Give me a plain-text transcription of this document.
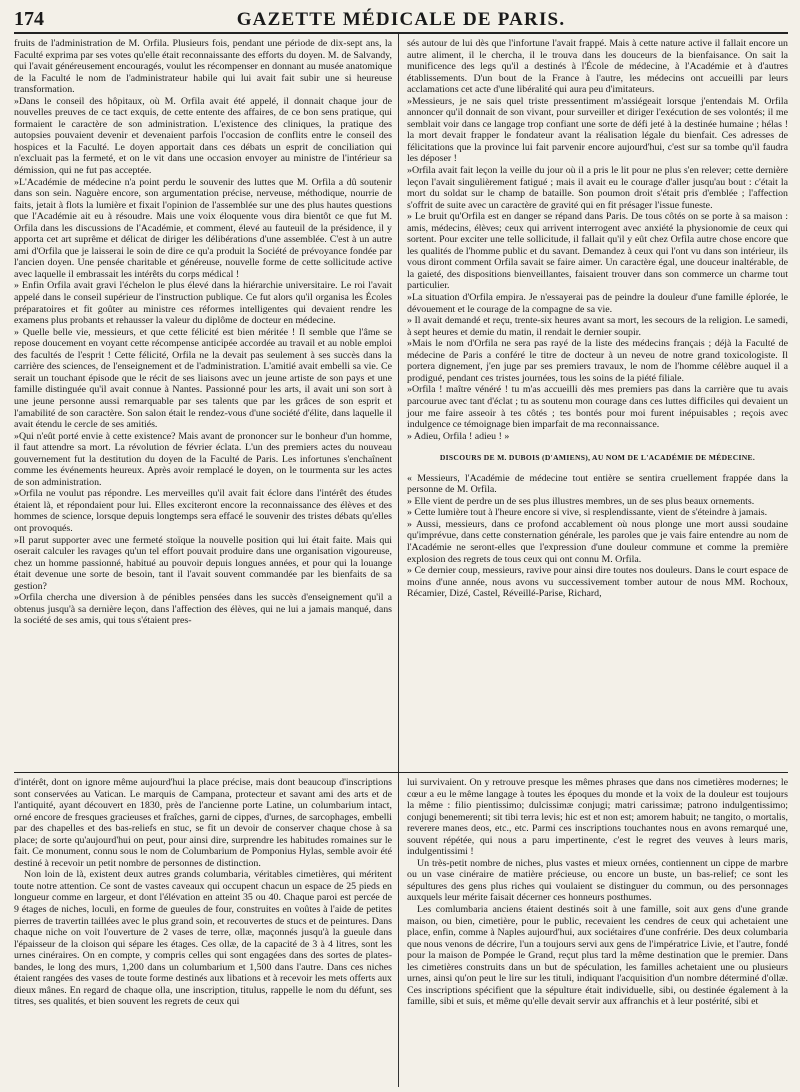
174	GAZETTE MÉDICALE DE PARIS.

fruits de l'administration de M. Orfila. Plusieurs fois, pendant une période de dix-sept ans, la Faculté exprima par ses votes qu'elle était reconnaissante des efforts du doyen. M. de Salvandy, qui l'avait généreusement encouragés, voulut les récompenser en donnant au musée anatomique de la Faculté le nom de l'administrateur habile qui lui avait fait subir une si heureuse transformation.

»Dans le conseil des hôpitaux, où M. Orfila avait été appelé, il donnait chaque jour de nouvelles preuves de ce tact exquis, de cette entente des affaires, de ce bon sens pratique, qui formaient le caractère de son administration. L'existence des cliniques, la pratique des autopsies pouvaient devenir et devenaient parfois l'occasion de conflits entre le conseil des hospices et la Faculté. Le doyen apportait dans ces débats un esprit de conciliation qui n'excluait pas la fermeté, et on le vit dans une occasion envoyer au ministre de l'intérieur sa démission, qui ne fut pas acceptée.

»L'Académie de médecine n'a point perdu le souvenir des luttes que M. Orfila a dû soutenir dans son sein. Naguère encore, son argumentation précise, nerveuse, méthodique, nourrie de faits, jetait à flots la lumière et fixait l'opinion de l'assemblée sur une des plus hautes questions que l'Académie ait eu à résoudre. Mais une voix éloquente vous dira bientôt ce que fut M. Orfila dans les discussions de l'Académie, et comment, élevé au fauteuil de la présidence, il y apporta cet art suprême et délicat de diriger les délibérations d'une assemblée. C'est à un autre ami d'Orfila que je laisserai le soin de dire ce qu'a produit la Société de prévoyance fondée par l'ancien doyen. Une pensée charitable et généreuse, nouvelle forme de cette sollicitude active avec laquelle il embrassait les intérêts du corps médical !

» Enfin Orfila avait gravi l'échelon le plus élevé dans la hiérarchie universitaire. Le roi l'avait appelé dans le conseil supérieur de l'instruction publique. Ce fut alors qu'il organisa les Écoles préparatoires et fit goûter au ministre ces réformes intelligentes qui devaient rendre les examens plus probants et rehausser la valeur du diplôme de docteur en médecine.

» Quelle belle vie, messieurs, et que cette félicité est bien méritée ! Il semble que l'âme se repose doucement en voyant cette récompense anticipée accordée au travail et au noble emploi des facultés de l'esprit ! Cette félicité, Orfila ne la devait pas seulement à ses succès dans la carrière des sciences, de l'enseignement et de l'administration. L'amitié avait embelli sa vie. Ce serait un touchant épisode que le récit de ses liaisons avec un jeune artiste de son pays et une famille distinguée qu'il avait connue à Nantes. Passionné pour les arts, il avait uni son sort à une jeune personne aussi remarquable par ses talents que par les grâces de son esprit et l'amabilité de son caractère. Son salon était le rendez-vous d'une société d'élite, dans laquelle il avait étendu le cercle de ses amitiés.

»Qui n'eût porté envie à cette existence? Mais avant de prononcer sur le bonheur d'un homme, il faut attendre sa mort. La révolution de février éclata. L'un des premiers actes du nouveau gouvernement fut la destitution du doyen de la Faculté de Paris. Les infortunes s'enchaînent comme les événements heureux. Après avoir remplacé le doyen, on le tourmenta sur les actes de son administration.

»Orfila ne voulut pas répondre. Les merveilles qu'il avait fait éclore dans l'intérêt des études étaient là, et répondaient pour lui. Elles exciteront encore la reconnaissance des élèves et des hommes de science, lorsque depuis longtemps sera effacé le souvenir des tristes débats qu'elles ont provoqués.

»Il parut supporter avec une fermeté stoïque la nouvelle position qui lui était faite. Mais qui oserait calculer les ravages qu'un tel effort pouvait produire dans une organisation vigoureuse, chez un homme passionné, habitué au pouvoir depuis longues années, et pour qui la louange était devenue une sorte de besoin, tant il l'avait souvent commandée par les bienfaits de sa gestion?

»Orfila chercha une diversion à de pénibles pensées dans les succès d'enseignement qu'il a obtenus jusqu'à sa dernière leçon, dans l'affection des élèves, qui ne lui a jamais manqué, dans la société de ses amis, qui tous s'étaient pres-

sés autour de lui dès que l'infortune l'avait frappé. Mais à cette nature active il fallait encore un autre aliment, il le chercha, il le trouva dans les douceurs de la bienfaisance. On sait la munificence des legs qu'il a destinés à l'École de médecine, à l'Académie et à d'autres établissements. D'un bout de la France à l'autre, les médecins ont accueilli par leurs acclamations cet acte d'une libéralité qui aura peu d'imitateurs.

»Messieurs, je ne sais quel triste pressentiment m'assiégeait lorsque j'entendais M. Orfila annoncer qu'il donnait de son vivant, pour surveiller et diriger l'exécution de ses volontés; il me semblait voir dans ce langage trop confiant une sorte de défi jeté à la destinée humaine ; hélas ! la mort devait frapper le fondateur avant la réalisation légale du bienfait. Ces adresses de félicitations que la province lui fait parvenir encore aujourd'hui, c'est sur sa tombe qu'il faudra les déposer !

»Orfila avait fait leçon la veille du jour où il a pris le lit pour ne plus s'en relever; cette dernière leçon l'avait singulièrement fatigué ; mais il avait eu le courage d'aller jusqu'au bout : c'était la mort du soldat sur le champ de bataille. Son poumon droit s'était pris d'emblée ; l'affection s'offrit de suite avec un caractère de gravité qui en fit présager l'issue funeste.

» Le bruit qu'Orfila est en danger se répand dans Paris. De tous côtés on se porte à sa maison : amis, médecins, élèves; ceux qui arrivent interrogent avec anxiété la physionomie de ceux qui sortent. Pour exciter une telle sollicitude, il fallait qu'il y eût chez Orfila autre chose encore que les qualités de l'homme public et du savant. Demandez à ceux qui l'ont vu dans son intérieur, ils vous diront comment Orfila savait se faire aimer. Un caractère égal, une douceur inaltérable, de la gaieté, des dispositions bienveillantes, faisaient trouver dans son commerce un charme tout particulier.

»La situation d'Orfila empira. Je n'essayerai pas de peindre la douleur d'une famille éplorée, le dévouement et le courage de la compagne de sa vie.

» Il avait demandé et reçu, trente-six heures avant sa mort, les secours de la religion. Le samedi, à sept heures et demie du matin, il rendait le dernier soupir.

»Mais le nom d'Orfila ne sera pas rayé de la liste des médecins français ; déjà la Faculté de médecine de Paris a conféré le titre de docteur à un neveu de notre grand toxicologiste. Il portera dignement, j'en juge par ses premiers travaux, le nom de l'homme célèbre auquel il a prodigué, pendant ces tristes journées, tous les soins de la piété filiale.

»Orfila ! maître vénéré ! tu m'as accueilli dès mes premiers pas dans la carrière que tu avais parcourue avec tant d'éclat ; tu as soutenu mon courage dans ces luttes difficiles qui devaient un jour me faire asseoir à tes côtés ; tes bontés pour moi furent inépuisables ; reçois avec indulgence ce témoignage bien imparfait de ma reconnaissance.

» Adieu, Orfila ! adieu ! »

DISCOURS DE M. DUBOIS (D'AMIENS), AU NOM DE L'ACADÉMIE DE MÉDECINE.

« Messieurs, l'Académie de médecine tout entière se sentira cruellement frappée dans la personne de M. Orfila.

» Elle vient de perdre un de ses plus illustres membres, un de ses plus beaux ornements.

» Cette lumière tout à l'heure encore si vive, si resplendissante, vient de s'éteindre à jamais.

» Aussi, messieurs, dans ce profond accablement où nous plonge une mort aussi soudaine qu'imprévue, dans cette consternation générale, les paroles que je vais faire entendre au nom de l'Académie ne seront-elles que l'expression d'une douleur commune et comme la première explosion des regrets de tous ceux qui ont connu M. Orfila.

» Ce dernier coup, messieurs, ravive pour ainsi dire toutes nos douleurs. Dans le court espace de moins d'une année, nous avons vu successivement tomber autour de nous MM. Rochoux, Récamier, Dizé, Castel, Réveillé-Parise, Richard,

d'intérêt, dont on ignore même aujourd'hui la place précise, mais dont beaucoup d'inscriptions sont conservées au Vatican. Le marquis de Campana, protecteur et savant ami des arts et de l'antiquité, ayant découvert en 1830, près de l'ancienne porte Latine, un columbarium intact, orné encore de fresques gracieuses et fraîches, garni de cippes, d'urnes, de sarcophages, embelli par des chapelles et des bas-reliefs en stuc, se fit un devoir de conserver chaque chose à sa place; de sorte qu'aujourd'hui on peut, pour ainsi dire, surprendre les habitudes romaines sur le fait. Ce monument, connu sous le nom de Columbarium de Pomponius Hylas, semble avoir été destiné à recevoir un petit nombre de personnes de distinction.

Non loin de là, existent deux autres grands columbaria, véritables cimetières, qui méritent toute notre attention. Ce sont de vastes caveaux qui occupent chacun un espace de 25 pieds en longueur comme en largeur, et dont l'élévation en atteint 35 ou 40. Chaque paroi est percée de 9 étages de niches, loculi, en forme de gueules de four, construites en voûtes à l'aide de petites pierres de travertin taillées avec le plus grand soin, et recouvertes de stucs et de peintures. Dans chaque niche on voit l'ouverture de 2 vases de terre, ollæ, maçonnés jusqu'à la gueule dans l'épaisseur de la cloison qui sépare les étages. Ces ollæ, de la capacité de 3 à 4 litres, sont les urnes cinéraires. On en compte, y compris celles qui sont engagées dans des sortes de plates-bandes, le long des murs, 1,200 dans un columbarium et 1,500 dans l'autre. Dans ces niches étaient rangées des vases de toute forme destinés aux libations et à recevoir les mets offerts aux dieux mânes. En regard de chaque olla, une inscription, titulus, rappelle le nom du défunt, ses titres, ses qualités, et bien souvent les regrets de ceux qui

lui survivaient. On y retrouve presque les mêmes phrases que dans nos cimetières modernes; le cœur a eu le même langage à toutes les époques du monde et la voix de la douleur est toujours la même : filio pientissimo; dulcissimæ conjugi; matri carissimæ; patrono indulgentissimo; conjugi benemerenti; sit tibi terra levis; hic est et non est; amorem habuit; ne tangito, o mortalis, reverere manes deos, etc., etc. Parmi ces inscriptions touchantes nous en avons remarqué une, souvent répétée, qui nous a paru impertinente, c'est le regret des veuves à leurs maris, indulgentissimi !

Un très-petit nombre de niches, plus vastes et mieux ornées, contiennent un cippe de marbre ou un vase cinéraire de matière précieuse, ou encore un buste, un bas-relief; ce sont les sépultures des gens plus riches qui voulaient se distinguer du commun, ou des personnages auxquels leur mérite faisait décerner ces honneurs posthumes.

Les comlumbaria anciens étaient destinés soit à une famille, soit aux gens d'une grande maison, ou bien, cimetière, pour le public, recevaient les cendres de ceux qui achetaient une place, enfin, comme à Naples aujourd'hui, aux sociétaires d'une confrérie. Des deux columbaria que nous venons de décrire, l'un a toujours servi aux gens de l'impératrice Livie, et l'autre, fondé pour la maison de Pompée le Grand, reçut plus tard la même destination que le premier. Dans les cimetières construits dans un but de spéculation, les familles achetaient une ou plusieurs urnes, ainsi qu'on peut le lire sur les tituli, indiquant l'acquisition d'un nombre déterminé d'ollæ. Ces inscriptions spécifient que la sépulture était individuelle, sibi, ou destinée également à la famille, sibi et suis, et même qu'elle devait servir aux affranchis et à leur postérité, sibi et
